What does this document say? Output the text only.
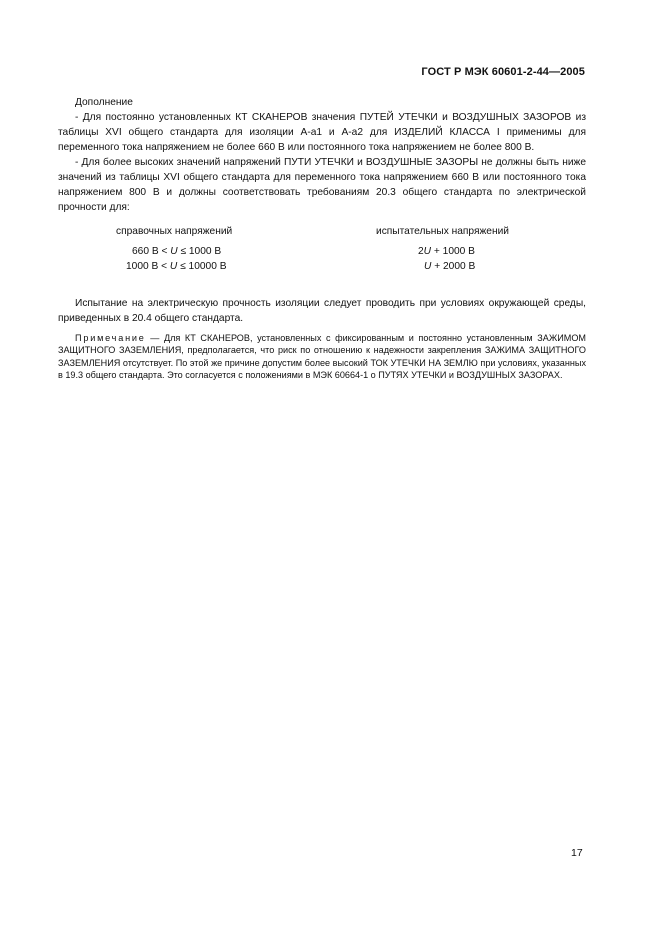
ГОСТ Р МЭК 60601-2-44—2005

Дополнение

- Для постоянно установленных КТ СКАНЕРОВ значения ПУТЕЙ УТЕЧКИ и ВОЗДУШНЫХ ЗАЗОРОВ из таблицы XVI общего стандарта для изоляции А-а1 и А-а2 для ИЗДЕЛИЙ КЛАССА I применимы для переменного тока напряжением не более 660 В или постоянного тока напряжением не более 800 В.

- Для более высоких значений напряжений ПУТИ УТЕЧКИ и ВОЗДУШНЫЕ ЗАЗОРЫ не должны быть ниже значений из таблицы XVI общего стандарта для переменного тока напряжением 660 В или постоянного тока напряжением 800 В и должны соответствовать требованиям 20.3 общего стандарта по электрической прочности для:

справочных напряжений	испытательных напряжений
660 В < U ≤ 1000 В
1000 В < U ≤ 10000 В
2U + 1000 В
U + 2000 В

Испытание на электрическую прочность изоляции следует проводить при условиях окружающей среды, приведенных в 20.4 общего стандарта.

Примечание — Для КТ СКАНЕРОВ, установленных с фиксированным и постоянно установленным ЗАЖИМОМ ЗАЩИТНОГО ЗАЗЕМЛЕНИЯ, предполагается, что риск по отношению к надежности закрепления ЗАЖИМА ЗАЩИТНОГО ЗАЗЕМЛЕНИЯ отсутствует. По этой же причине допустим более высокий ТОК УТЕЧКИ НА ЗЕМЛЮ при условиях, указанных в 19.3 общего стандарта. Это согласуется с положениями в МЭК 60664-1 о ПУТЯХ УТЕЧКИ и ВОЗДУШНЫХ ЗАЗОРАХ.

17
